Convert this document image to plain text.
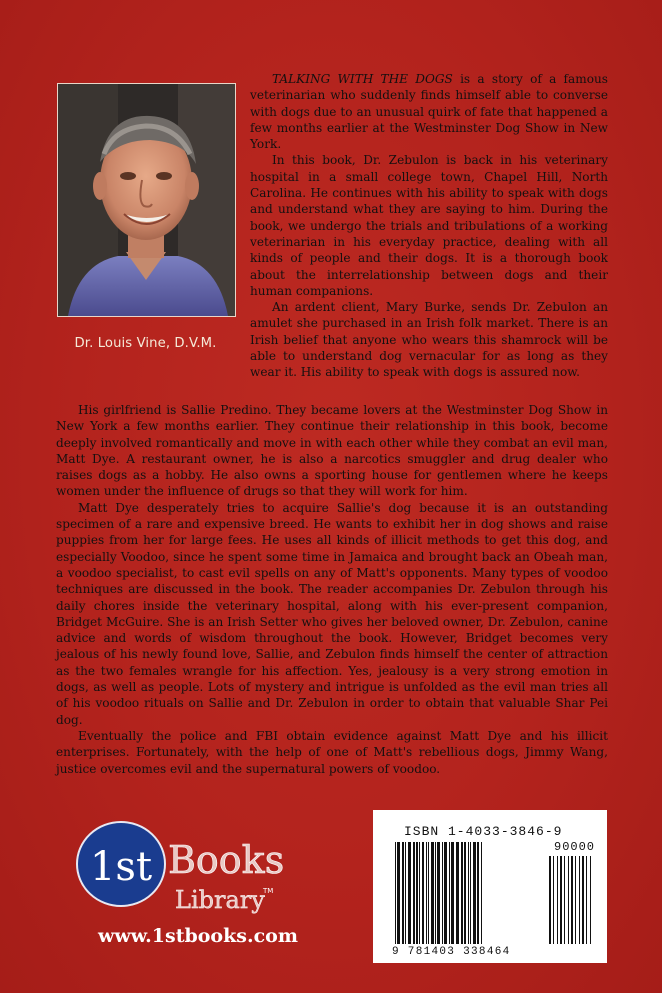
Dr. Louis Vine, D.V.M.

TALKING WITH THE DOGS is a story of a famous veterinarian who suddenly finds himself able to converse with dogs due to an unusual quirk of fate that happened a few months earlier at the Westminster Dog Show in New York.

In this book, Dr. Zebulon is back in his veterinary hospital in a small college town, Chapel Hill, North Carolina. He continues with his ability to speak with dogs and understand what they are saying to him. During the book, we undergo the trials and tribulations of a working veterinarian in his everyday practice, dealing with all kinds of people and their dogs. It is a thorough book about the interrelationship between dogs and their human companions.

An ardent client, Mary Burke, sends Dr. Zebulon an amulet she purchased in an Irish folk market. There is an Irish belief that anyone who wears this shamrock will be able to understand dog vernacular for as long as they wear it. His ability to speak with dogs is assured now.

His girlfriend is Sallie Predino. They became lovers at the Westminster Dog Show in New York a few months earlier. They continue their relationship in this book, become deeply involved romantically and move in with each other while they combat an evil man, Matt Dye. A restaurant owner, he is also a narcotics smuggler and drug dealer who raises dogs as a hobby. He also owns a sporting house for gentlemen where he keeps women under the influence of drugs so that they will work for him.

Matt Dye desperately tries to acquire Sallie's dog because it is an outstanding specimen of a rare and expensive breed. He wants to exhibit her in dog shows and raise puppies from her for large fees. He uses all kinds of illicit methods to get this dog, and especially Voodoo, since he spent some time in Jamaica and brought back an Obeah man, a voodoo specialist, to cast evil spells on any of Matt's opponents. Many types of voodoo techniques are discussed in the book. The reader accompanies Dr. Zebulon through his daily chores inside the veterinary hospital, along with his ever-present companion, Bridget McGuire. She is an Irish Setter who gives her beloved owner, Dr. Zebulon, canine advice and words of wisdom throughout the book. However, Bridget becomes very jealous of his newly found love, Sallie, and Zebulon finds himself the center of attraction as the two females wrangle for his affection. Yes, jealousy is a very strong emotion in dogs, as well as people. Lots of mystery and intrigue is unfolded as the evil man tries all of his voodoo rituals on Sallie and Dr. Zebulon in order to obtain that valuable Shar Pei dog.

Eventually the police and FBI obtain evidence against Matt Dye and his illicit enterprises. Fortunately, with the help of one of Matt's rebellious dogs, Jimmy Wang, justice overcomes evil and the supernatural powers of voodoo.

1st Books
Library
TM
www.1stbooks.com
ISBN 1-4033-3846-9
90000
9 781403 338464
